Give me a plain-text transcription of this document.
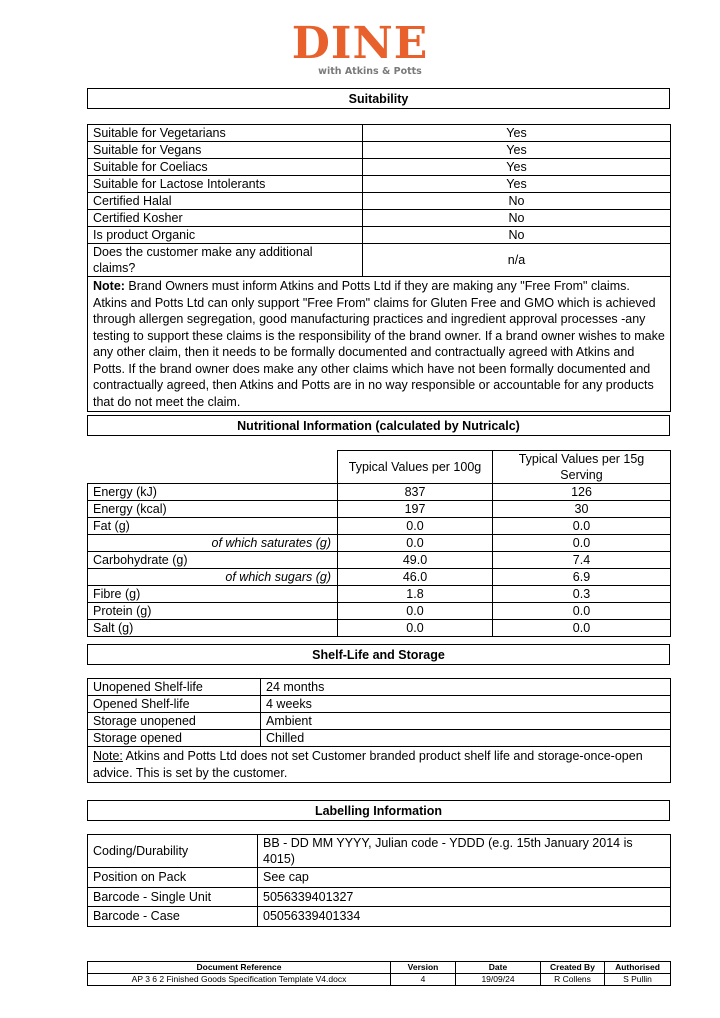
DINE
with Atkins & Potts
Suitability
Suitable for Vegetarians	Yes
Suitable for Vegans	Yes
Suitable for Coeliacs	Yes
Suitable for Lactose Intolerants	Yes
Certified Halal	No
Certified Kosher	No
Is product Organic	No
Does the customer make any additional claims?	n/a
Note: Brand Owners must inform Atkins and Potts Ltd if they are making any "Free From" claims. Atkins and Potts Ltd can only support "Free From" claims for Gluten Free and GMO which is achieved through allergen segregation, good manufacturing practices and ingredient approval processes -any testing to support these claims is the responsibility of the brand owner. If a brand owner wishes to make any other claim, then it needs to be formally documented and contractually agreed with Atkins and Potts. If the brand owner does make any other claims which have not been formally documented and contractually agreed, then Atkins and Potts are in no way responsible or accountable for any products that do not meet the claim.	
Nutritional Information (calculated by Nutricalc)
	Typical Values per 100g	Typical Values per 15g Serving
Energy (kJ)	837	126
Energy (kcal)	197	30
Fat (g)	0.0	0.0
of which saturates (g)	0.0	0.0
Carbohydrate (g)	49.0	7.4
of which sugars (g)	46.0	6.9
Fibre (g)	1.8	0.3
Protein (g)	0.0	0.0
Salt (g)	0.0	0.0
Shelf-Life and Storage
Unopened Shelf-life	24 months
Opened Shelf-life	4 weeks
Storage unopened	Ambient
Storage opened	Chilled
Note: Atkins and Potts Ltd does not set Customer branded product shelf life and storage-once-open advice. This is set by the customer.	
Labelling Information
Coding/Durability	BB - DD MM YYYY, Julian code - YDDD (e.g. 15th January 2014 is 4015)
Position on Pack	See cap
Barcode - Single Unit	5056339401327
Barcode - Case	05056339401334
Document Reference	Version	Date	Created By	Authorised
AP 3 6 2 Finished Goods Specification Template V4.docx	4	19/09/24	R Collens	S Pullin
